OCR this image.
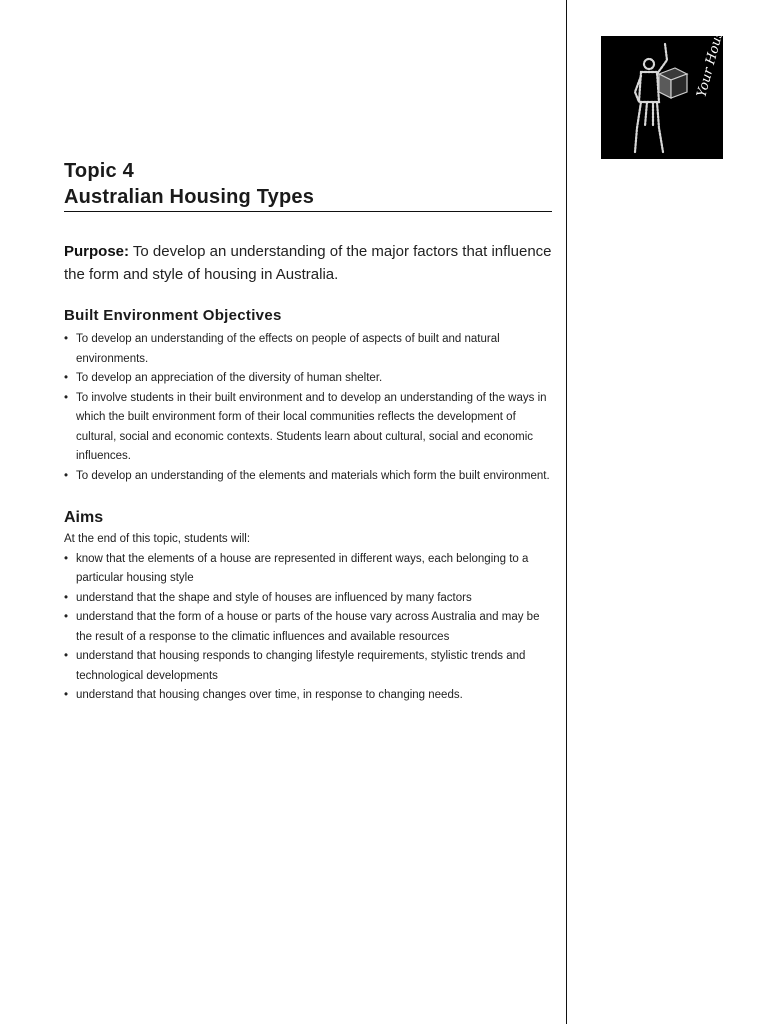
Your House
Topic 4
Australian Housing Types

Purpose: To develop an understanding of the major factors that influence the form and style of housing in Australia.

Built Environment Objectives
• To develop an understanding of the effects on people of aspects of built and natural environments.
• To develop an appreciation of the diversity of human shelter.
• To involve students in their built environment and to develop an understanding of the ways in which the built environment form of their local communities reflects the development of cultural, social and economic contexts. Students learn about cultural, social and economic influences.
• To develop an understanding of the elements and materials which form the built environment.
Aims

At the end of this topic, students will:

• know that the elements of a house are represented in different ways, each belonging to a particular housing style
• understand that the shape and style of houses are influenced by many factors
• understand that the form of a house or parts of the house vary across Australia and may be the result of a response to the climatic influences and available resources
• understand that housing responds to changing lifestyle requirements, stylistic trends and technological developments
• understand that housing changes over time, in response to changing needs.
